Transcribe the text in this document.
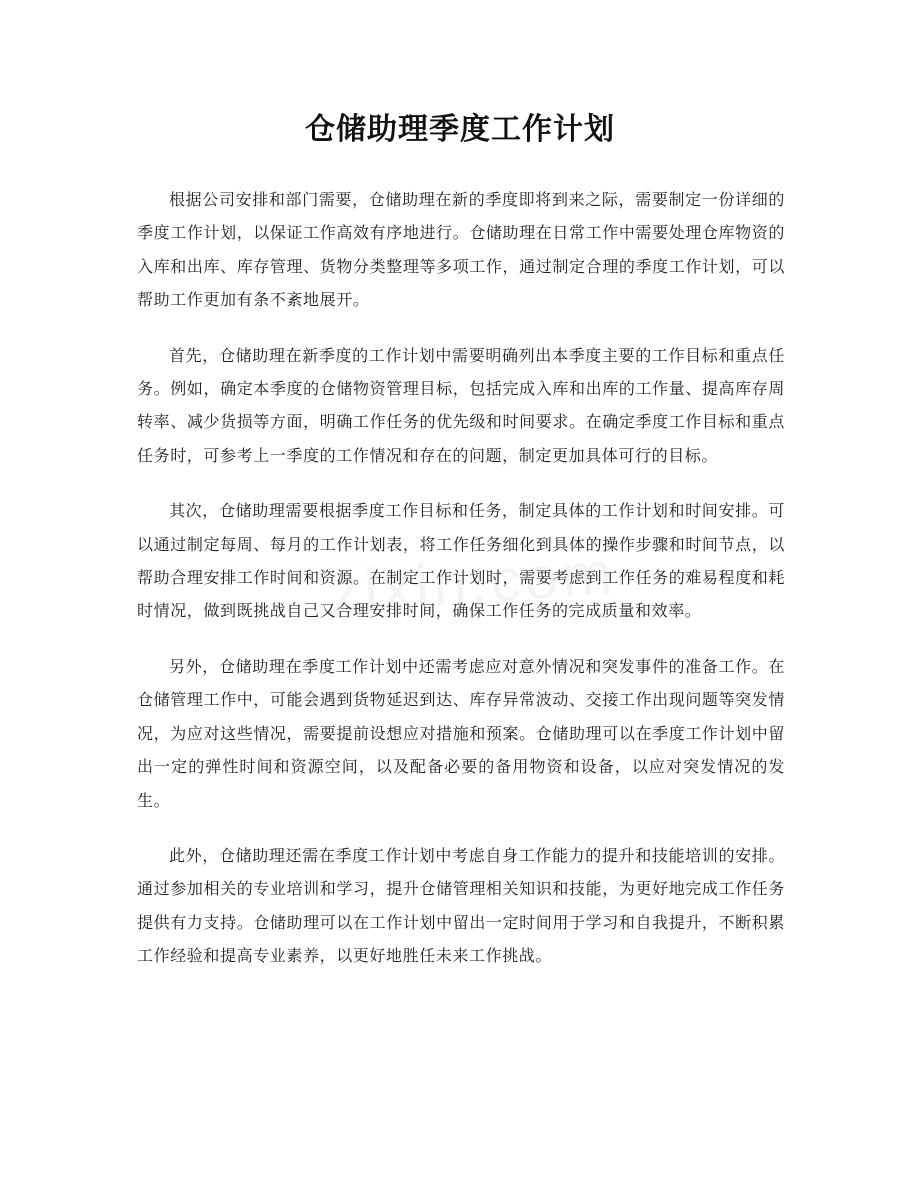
仓储助理季度工作计划

根据公司安排和部门需要，仓储助理在新的季度即将到来之际，需要制定一份详细的季度工作计划，以保证工作高效有序地进行。仓储助理在日常工作中需要处理仓库物资的入库和出库、库存管理、货物分类整理等多项工作，通过制定合理的季度工作计划，可以帮助工作更加有条不紊地展开。

首先，仓储助理在新季度的工作计划中需要明确列出本季度主要的工作目标和重点任务。例如，确定本季度的仓储物资管理目标，包括完成入库和出库的工作量、提高库存周转率、减少货损等方面，明确工作任务的优先级和时间要求。在确定季度工作目标和重点任务时，可参考上一季度的工作情况和存在的问题，制定更加具体可行的目标。

其次，仓储助理需要根据季度工作目标和任务，制定具体的工作计划和时间安排。可以通过制定每周、每月的工作计划表，将工作任务细化到具体的操作步骤和时间节点，以帮助合理安排工作时间和资源。在制定工作计划时，需要考虑到工作任务的难易程度和耗时情况，做到既挑战自己又合理安排时间，确保工作任务的完成质量和效率。

另外，仓储助理在季度工作计划中还需考虑应对意外情况和突发事件的准备工作。在仓储管理工作中，可能会遇到货物延迟到达、库存异常波动、交接工作出现问题等突发情况，为应对这些情况，需要提前设想应对措施和预案。仓储助理可以在季度工作计划中留出一定的弹性时间和资源空间，以及配备必要的备用物资和设备，以应对突发情况的发生。

此外，仓储助理还需在季度工作计划中考虑自身工作能力的提升和技能培训的安排。通过参加相关的专业培训和学习，提升仓储管理相关知识和技能，为更好地完成工作任务提供有力支持。仓储助理可以在工作计划中留出一定时间用于学习和自我提升，不断积累工作经验和提高专业素养，以更好地胜任未来工作挑战。
